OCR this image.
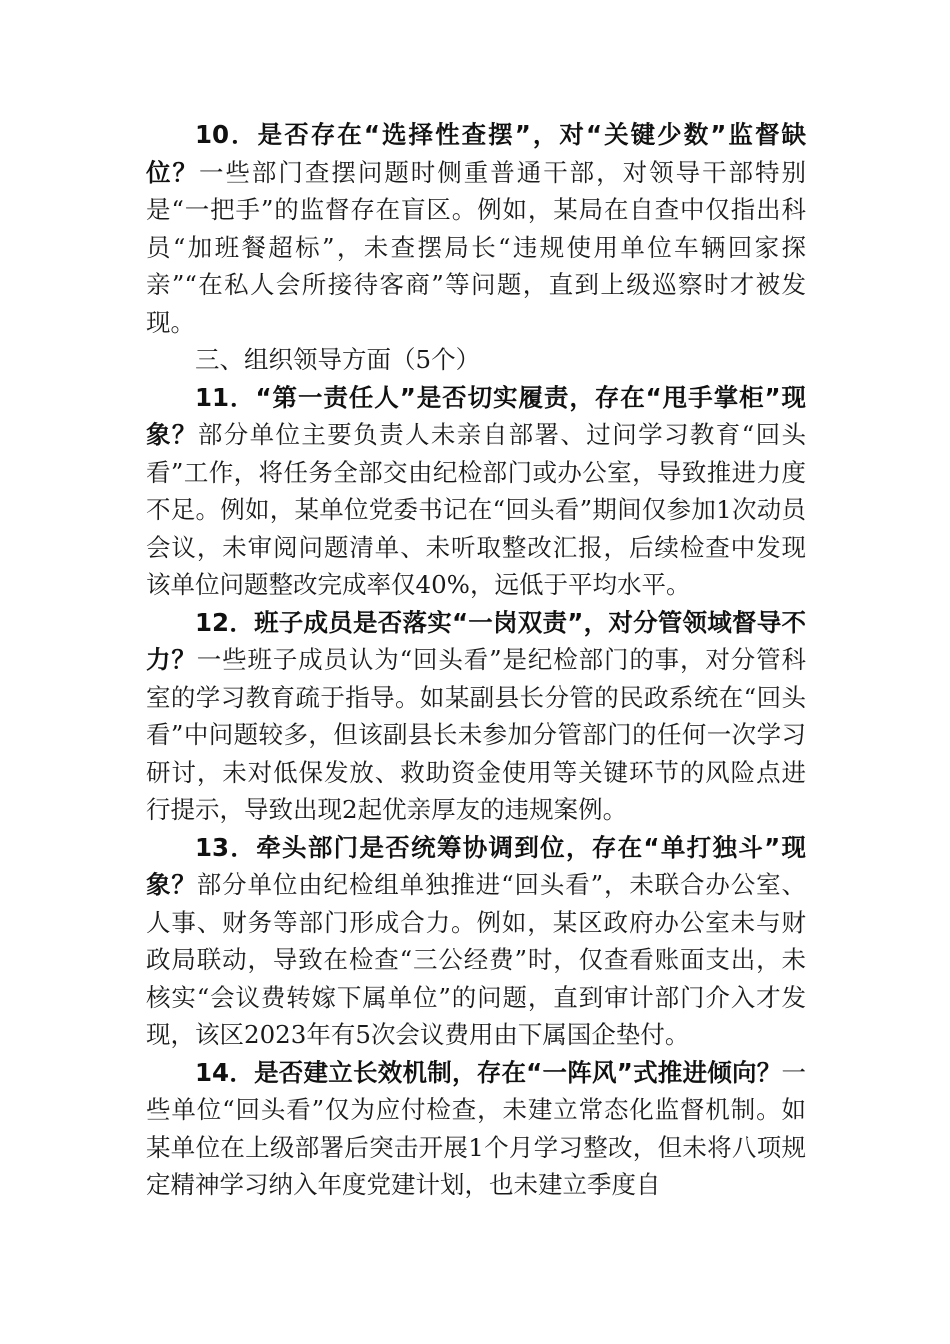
10．是否存在“选择性查摆”，对“关键少数”监督缺位？一些部门查摆问题时侧重普通干部，对领导干部特别是“一把手”的监督存在盲区。例如，某局在自查中仅指出科员“加班餐超标”，未查摆局长“违规使用单位车辆回家探亲”“在私人会所接待客商”等问题，直到上级巡察时才被发现。

三、组织领导方面（5个）

11．“第一责任人”是否切实履责，存在“甩手掌柜”现象？部分单位主要负责人未亲自部署、过问学习教育“回头看”工作，将任务全部交由纪检部门或办公室，导致推进力度不足。例如，某单位党委书记在“回头看”期间仅参加1次动员会议，未审阅问题清单、未听取整改汇报，后续检查中发现该单位问题整改完成率仅40%，远低于平均水平。

12．班子成员是否落实“一岗双责”，对分管领域督导不力？一些班子成员认为“回头看”是纪检部门的事，对分管科室的学习教育疏于指导。如某副县长分管的民政系统在“回头看”中问题较多，但该副县长未参加分管部门的任何一次学习研讨，未对低保发放、救助资金使用等关键环节的风险点进行提示，导致出现2起优亲厚友的违规案例。

13．牵头部门是否统筹协调到位，存在“单打独斗”现象？部分单位由纪检组单独推进“回头看”，未联合办公室、人事、财务等部门形成合力。例如，某区政府办公室未与财政局联动，导致在检查“三公经费”时，仅查看账面支出，未核实“会议费转嫁下属单位”的问题，直到审计部门介入才发现，该区2023年有5次会议费用由下属国企垫付。

14．是否建立长效机制，存在“一阵风”式推进倾向？一些单位“回头看”仅为应付检查，未建立常态化监督机制。如某单位在上级部署后突击开展1个月学习整改，但未将八项规定精神学习纳入年度党建计划，也未建立季度自
